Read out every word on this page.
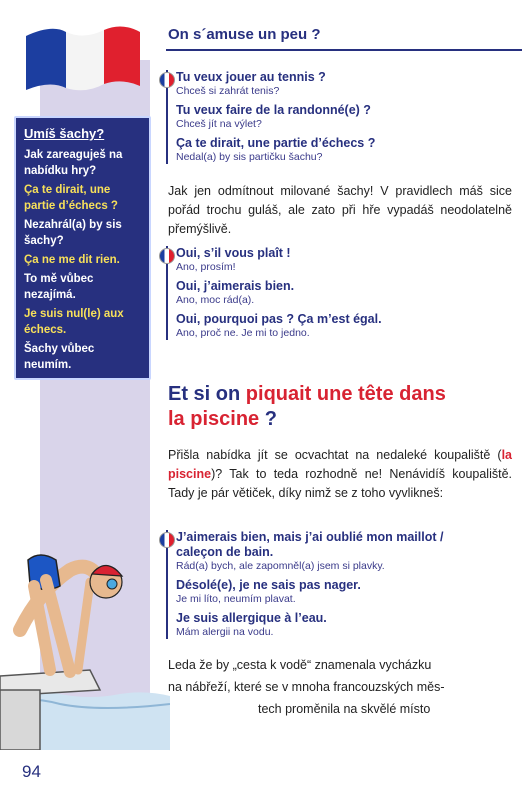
Umíš šachy?

Jak zareaguješ na nabídku hry?

Ça te dirait, une partie d’échecs ?

Nezahrál(a) by sis šachy?

Ça ne me dit rien.

To mě vůbec nezajímá.

Je suis nul(le) aux échecs.

Šachy vůbec neumím.

On s´amuse un peu ?

Tu veux jouer au tennis ?

Chceš si zahrát tenis?

Tu veux faire de la randonné(e) ?

Chceš jít na výlet?

Ça te dirait, une partie d’échecs ?

Nedal(a) by sis partičku šachu?

Jak jen odmítnout milované šachy! V pravidlech máš sice pořád trochu guláš, ale zato při hře vypadáš neodolatelně přemýšlivě.

Oui, s’il vous plaît !

Ano, prosím!

Oui, j’aimerais bien.

Ano, moc rád(a).

Oui, pourquoi pas ? Ça m’est égal.

Ano, proč ne. Je mi to jedno.

Et si on piquait une tête dans
la piscine ?

Přišla nabídka jít se ocvachtat na nedaleké koupaliště (la piscine)? Tak to teda rozhodně ne! Nenávidíš koupaliště. Tady je pár větiček, díky nimž se z toho vyvlikneš:

J’aimerais bien, mais j’ai oublié mon maillot / caleçon de bain.

Rád(a) bych, ale zapomněl(a) jsem si plavky.

Désolé(e), je ne sais pas nager.

Je mi líto, neumím plavat.

Je suis allergique à l’eau.

Mám alergii na vodu.

Leda že by „cesta k vodě“ znamenala vycházku

na nábřeží, které se v mnoha francouzských měs-

tech proměnila na skvělé místo

94
